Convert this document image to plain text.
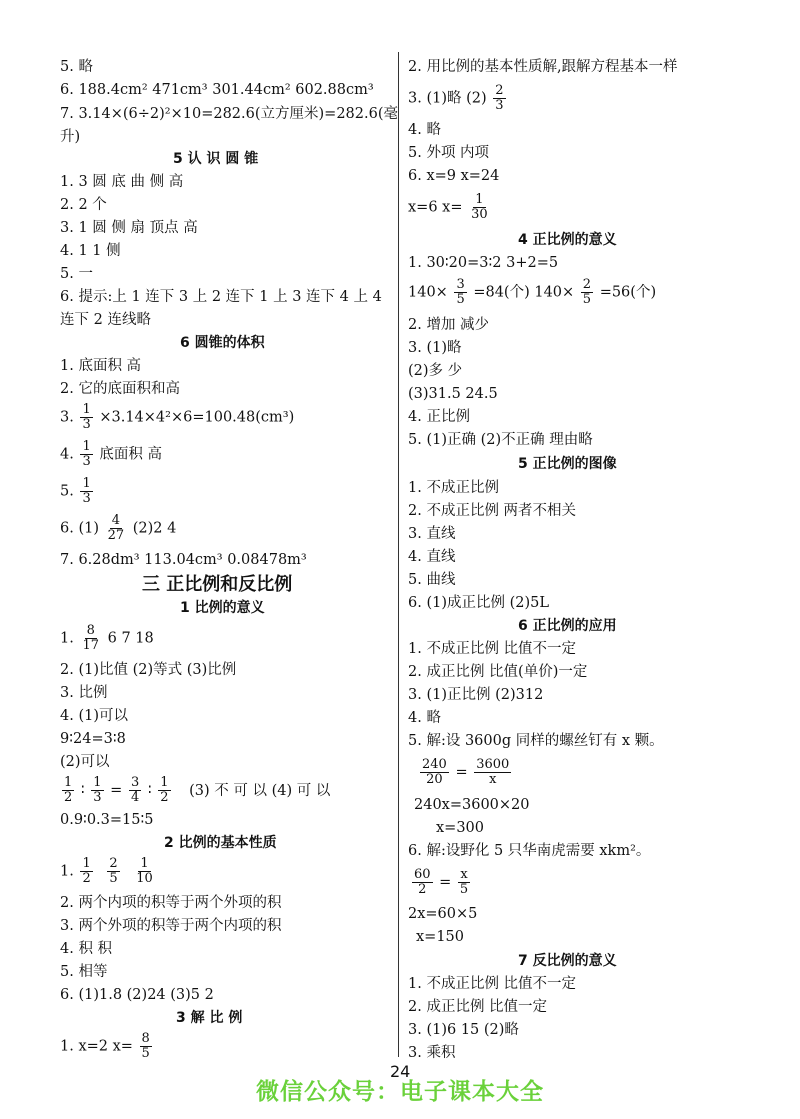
5. 略
6. 188.4cm² 471cm³ 301.44cm² 602.88cm³
7. 3.14×(6÷2)²×10=282.6(立方厘米)=282.6(毫
升)
5 认 识 圆 锥
1. 3 圆 底 曲 侧 高
2. 2 个
3. 1 圆 侧 扇 顶点 高
4. 1 1 侧
5. 一
6. 提示:上 1 连下 3 上 2 连下 1 上 3 连下 4 上 4
连下 2 连线略
6 圆锥的体积
1. 底面积 高
2. 它的底面积和高
3. $\frac{1}{3} \times 3.14\times 4^2\times 6=100.48(cm^3)$
4. $\frac{1}{3}$ 底面积 高
5. $\frac{1}{3}$
6. $(1) \frac{4}{27} (2)2$ 4
7. 6.28dm³ 113.04cm³ 0.08478m³
三 正比例和反比例
1 比例的意义
1. $\frac{8}{17} 6$ 7 18
2. (1)比值 (2)等式 (3)比例
3. 比例
4. (1)可以
9∶24=3∶8
(2)可以
$\frac{1}{2}$ ∶ $\frac{1}{3} = \frac{3}{4}$ ∶ $\frac{1}{2} (3)$ 不 可 以 (4) 可 以
0.9∶0.3=15∶5
2 比例的基本性质
1. $\frac{1}{2}$
$\frac{2}{5}$
$\frac{1}{10}$
2. 两个内项的积等于两个外项的积
3. 两个外项的积等于两个内项的积
4. 积 积
5. 相等
6. (1)1.8 (2)24 (3)5 2
3 解 比 例
1. x=2 $x= \frac{8}{5}$
2. 用比例的基本性质解,跟解方程基本一样
3. (1)略 $(2) \frac{2}{3}$
4. 略
5. 外项 内项
6. x=9 x=24
x=6 $x= \frac{1}{30}$
4 正比例的意义
1. 30∶20=3∶2 3+2=5
$140\times \frac{3}{5} =84$(个) $140\times \frac{2}{5} =56$(个)
2. 增加 减少
3. (1)略
(2)多 少
(3)31.5 24.5
4. 正比例
5. (1)正确 (2)不正确 理由略
5 正比例的图像
1. 不成正比例
2. 不成正比例 两者不相关
3. 直线
4. 直线
5. 曲线
6. (1)成正比例 (2)5L
6 正比例的应用
1. 不成正比例 比值不一定
2. 成正比例 比值(单价)一定
3. (1)正比例 (2)312
4. 略
5. 解:设 3600g 同样的螺丝钉有 x 颗。
$\frac{240}{20} = \frac{3600}{x}$
240x=3600×20
x=300
6. 解:设野化 5 只华南虎需要 xkm²。
$\frac{60}{2} = \frac{x}{5}$
2x=60×5
x=150
7 反比例的意义
1. 不成正比例 比值不一定
2. 成正比例 比值一定
3. (1)6 15 (2)略
3. 乘积
24
微信公众号：电子课本大全
